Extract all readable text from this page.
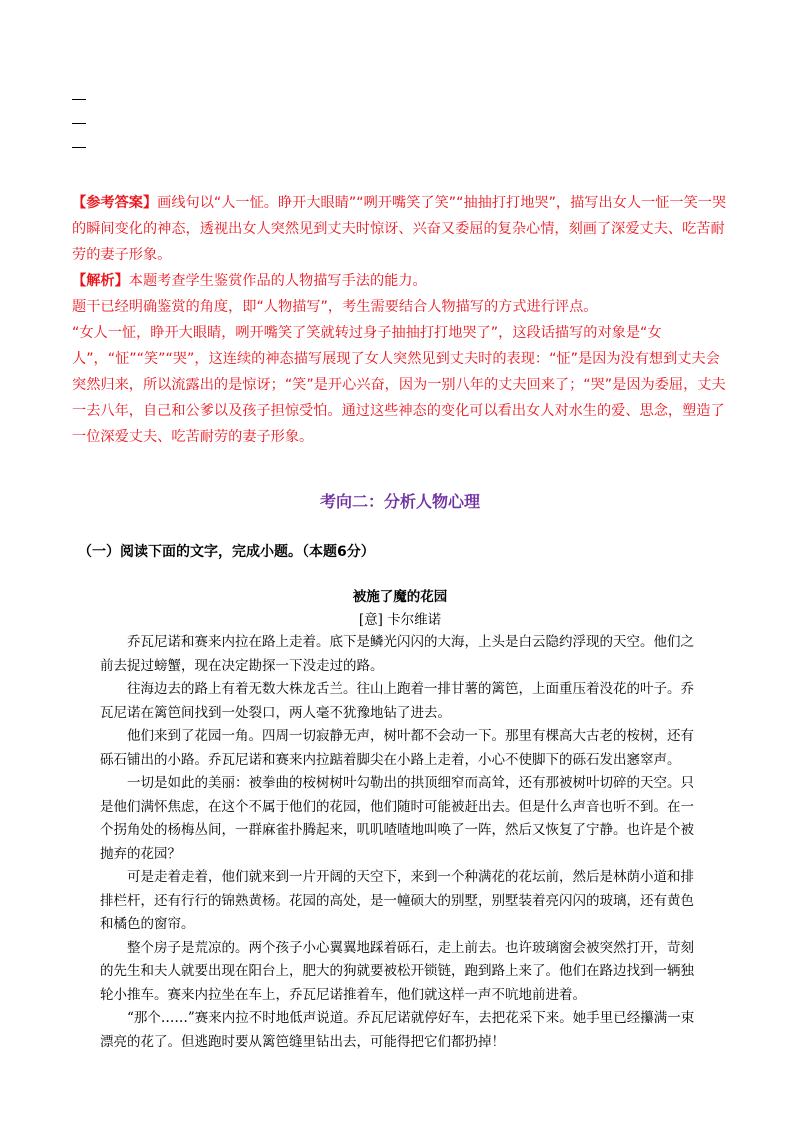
【参考答案】画线句以“人一怔。睁开大眼睛”“咧开嘴笑了笑”“抽抽打打地哭”，描写出女人一怔一笑一哭的瞬间变化的神态，透视出女人突然见到丈夫时惊讶、兴奋又委屈的复杂心情，刻画了深爱丈夫、吃苦耐劳的妻子形象。

【解析】本题考查学生鉴赏作品的人物描写手法的能力。

题干已经明确鉴赏的角度，即“人物描写”，考生需要结合人物描写的方式进行评点。

“女人一怔，睁开大眼睛，咧开嘴笑了笑就转过身子抽抽打打地哭了”，这段话描写的对象是“女人”，“怔”“笑”“哭”，这连续的神态描写展现了女人突然见到丈夫时的表现：“怔”是因为没有想到丈夫会突然归来，所以流露出的是惊讶；“笑”是开心兴奋，因为一别八年的丈夫回来了；“哭”是因为委屈，丈夫一去八年，自己和公爹以及孩子担惊受怕。通过这些神态的变化可以看出女人对水生的爱、思念，塑造了一位深爱丈夫、吃苦耐劳的妻子形象。

考向二：分析人物心理
（一）阅读下面的文字，完成小题。（本题6分）
被施了魔的花园
[意] 卡尔维诺

乔瓦尼诺和赛来内拉在路上走着。底下是鳞光闪闪的大海，上头是白云隐约浮现的天空。他们之前去捉过螃蟹，现在决定勘探一下没走过的路。

往海边去的路上有着无数大株龙舌兰。往山上跑着一排甘薯的篱笆，上面重压着没花的叶子。乔瓦尼诺在篱笆间找到一处裂口，两人毫不犹豫地钻了进去。

他们来到了花园一角。四周一切寂静无声，树叶都不会动一下。那里有棵高大古老的桉树，还有砾石铺出的小路。乔瓦尼诺和赛来内拉踮着脚尖在小路上走着，小心不使脚下的砾石发出窸窣声。

一切是如此的美丽：被拳曲的桉树树叶勾勒出的拱顶细窄而高耸，还有那被树叶切碎的天空。只是他们满怀焦虑，在这个不属于他们的花园，他们随时可能被赶出去。但是什么声音也听不到。在一个拐角处的杨梅丛间，一群麻雀扑腾起来，叽叽喳喳地叫唤了一阵，然后又恢复了宁静。也许是个被抛弃的花园？

可是走着走着，他们就来到一片开阔的天空下，来到一个种满花的花坛前，然后是林荫小道和排排栏杆，还有行行的锦熟黄杨。花园的高处，是一幢硕大的别墅，别墅装着亮闪闪的玻璃，还有黄色和橘色的窗帘。

整个房子是荒凉的。两个孩子小心翼翼地踩着砾石，走上前去。也许玻璃窗会被突然打开，苛刻的先生和夫人就要出现在阳台上，肥大的狗就要被松开锁链，跑到路上来了。他们在路边找到一辆独轮小推车。赛来内拉坐在车上，乔瓦尼诺推着车，他们就这样一声不吭地前进着。

“那个……”赛来内拉不时地低声说道。乔瓦尼诺就停好车，去把花采下来。她手里已经攥满一束漂亮的花了。但逃跑时要从篱笆缝里钻出去，可能得把它们都扔掉！
